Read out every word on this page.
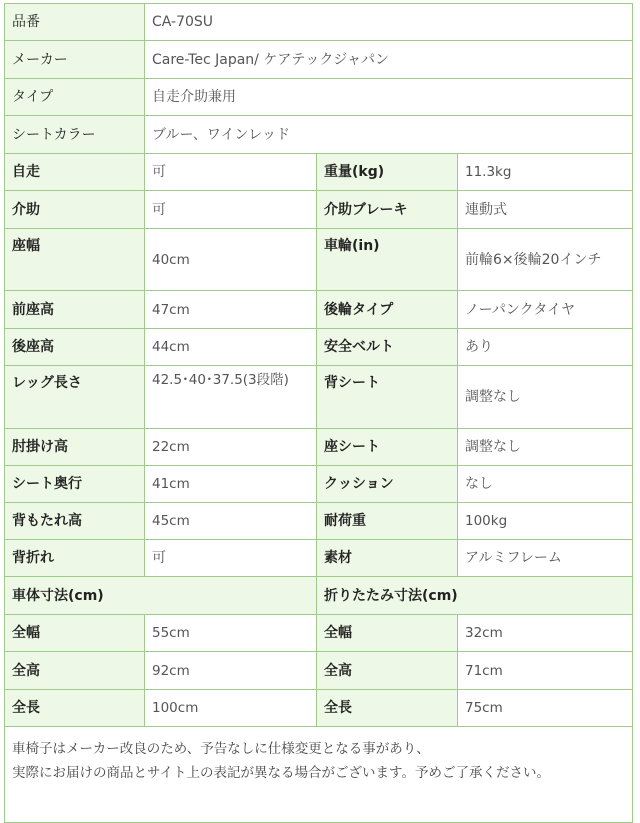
品番	CA-70SU		
メーカー	Care-Tec Japan/ ケアテックジャパン		
タイプ	自走介助兼用		
シートカラー	ブルー、ワインレッド		
自走	可	重量(kg)	11.3kg
介助	可	介助ブレーキ	連動式
座幅	40cm	車輪(in)	前輪6×後輪20インチ
前座高	47cm	後輪タイプ	ノーパンクタイヤ
後座高	44cm	安全ベルト	あり
レッグ長さ	42.5･40･37.5(3段階)	背シート	調整なし
肘掛け高	22cm	座シート	調整なし
シート奥行	41cm	クッション	なし
背もたれ高	45cm	耐荷重	100kg
背折れ	可	素材	アルミフレーム
車体寸法(cm)		折りたたみ寸法(cm)	
全幅	55cm	全幅	32cm
全高	92cm	全高	71cm
全長	100cm	全長	75cm

車椅子はメーカー改良のため、予告なしに仕様変更となる事があり、
実際にお届けの商品とサイト上の表記が異なる場合がございます。予めご了承ください。			
